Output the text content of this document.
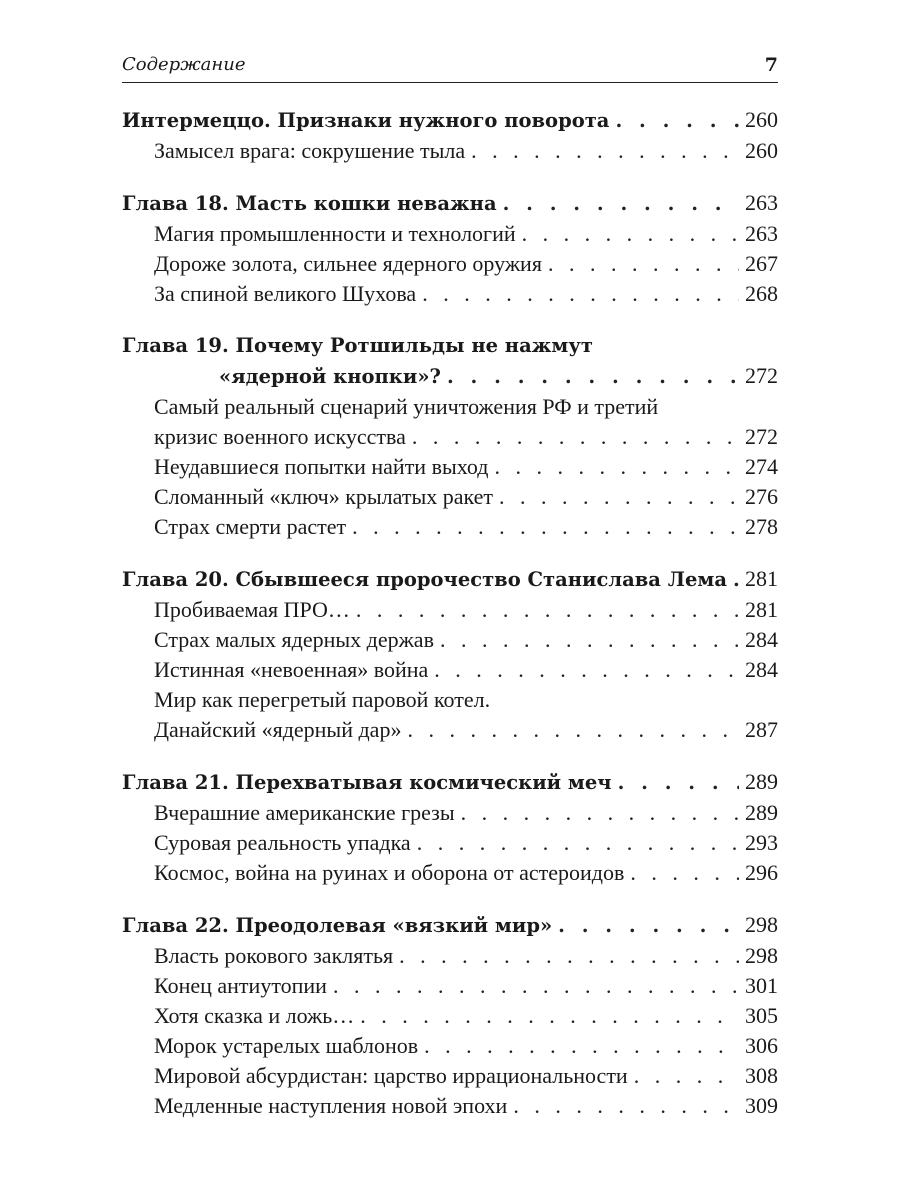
Содержание	7
Интермеццо. Признаки нужного поворота . . .	260
Замысел врага: сокрушение тыла . . .	260
Глава 18. Масть кошки неважна . . .	263
Магия промышленности и технологий . . .	263
Дороже золота, сильнее ядерного оружия . . .	267
За спиной великого Шухова . . .	268
Глава 19. Почему Ротшильды не нажмут
«ядерной кнопки»? . . .	272
Самый реальный сценарий уничтожения РФ и третий
кризис военного искусства . . .	272
Неудавшиеся попытки найти выход . . .	274
Сломанный «ключ» крылатых ракет . . .	276
Страх смерти растет . . .	278
Глава 20. Сбывшееся пророчество Станислава Лема . . . 281
Пробиваемая ПРО… . . .	281
Страх малых ядерных держав . . .	284
Истинная «невоенная» война . . .	284
Мир как перегретый паровой котел.
Данайский «ядерный дар» . . .	287
Глава 21. Перехватывая космический меч . . .	289
Вчерашние американские грезы . . .	289
Суровая реальность упадка . . .	293
Космос, война на руинах и оборона от астероидов . . .	296
Глава 22. Преодолевая «вязкий мир» . . .	298
Власть рокового заклятья . . .	298
Конец антиутопии . . .	301
Хотя сказка и ложь… . . .	305
Морок устарелых шаблонов . . .	306
Мировой абсурдистан: царство иррациональности . . .	308
Медленные наступления новой эпохи . . .	309
